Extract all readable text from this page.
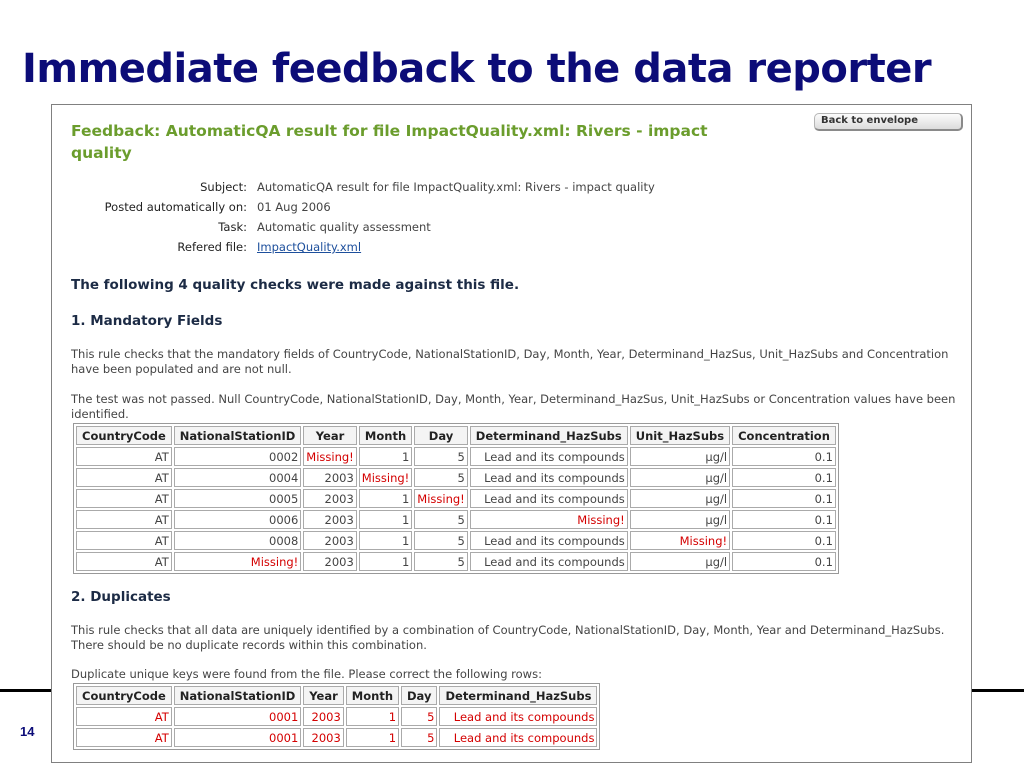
Immediate feedback to the data reporter
14
Back to envelope
Feedback: AutomaticQA result for file ImpactQuality.xml: Rivers - impact quality
Subject:	AutomaticQA result for file ImpactQuality.xml: Rivers - impact quality
Posted automatically on:	01 Aug 2006
Task:	Automatic quality assessment
Refered file:	ImpactQuality.xml
The following 4 quality checks were made against this file.
1. Mandatory Fields
This rule checks that the mandatory fields of CountryCode, NationalStationID, Day, Month, Year, Determinand_HazSus, Unit_HazSubs and Concentration have been populated and are not null.
The test was not passed. Null CountryCode, NationalStationID, Day, Month, Year, Determinand_HazSus, Unit_HazSubs or Concentration values have been identified.
CountryCode	NationalStationID	Year	Month	Day	Determinand_HazSubs	Unit_HazSubs	Concentration
AT	0002	Missing!	1	5	Lead and its compounds	µg/l	0.1
AT	0004	2003	Missing!	5	Lead and its compounds	µg/l	0.1
AT	0005	2003	1	Missing!	Lead and its compounds	µg/l	0.1
AT	0006	2003	1	5	Missing!	µg/l	0.1
AT	0008	2003	1	5	Lead and its compounds	Missing!	0.1
AT	Missing!	2003	1	5	Lead and its compounds	µg/l	0.1
2. Duplicates
This rule checks that all data are uniquely identified by a combination of CountryCode, NationalStationID, Day, Month, Year and Determinand_HazSubs. There should be no duplicate records within this combination.
Duplicate unique keys were found from the file. Please correct the following rows:
CountryCode	NationalStationID	Year	Month	Day	Determinand_HazSubs
AT	0001	2003	1	5	Lead and its compounds
AT	0001	2003	1	5	Lead and its compounds
